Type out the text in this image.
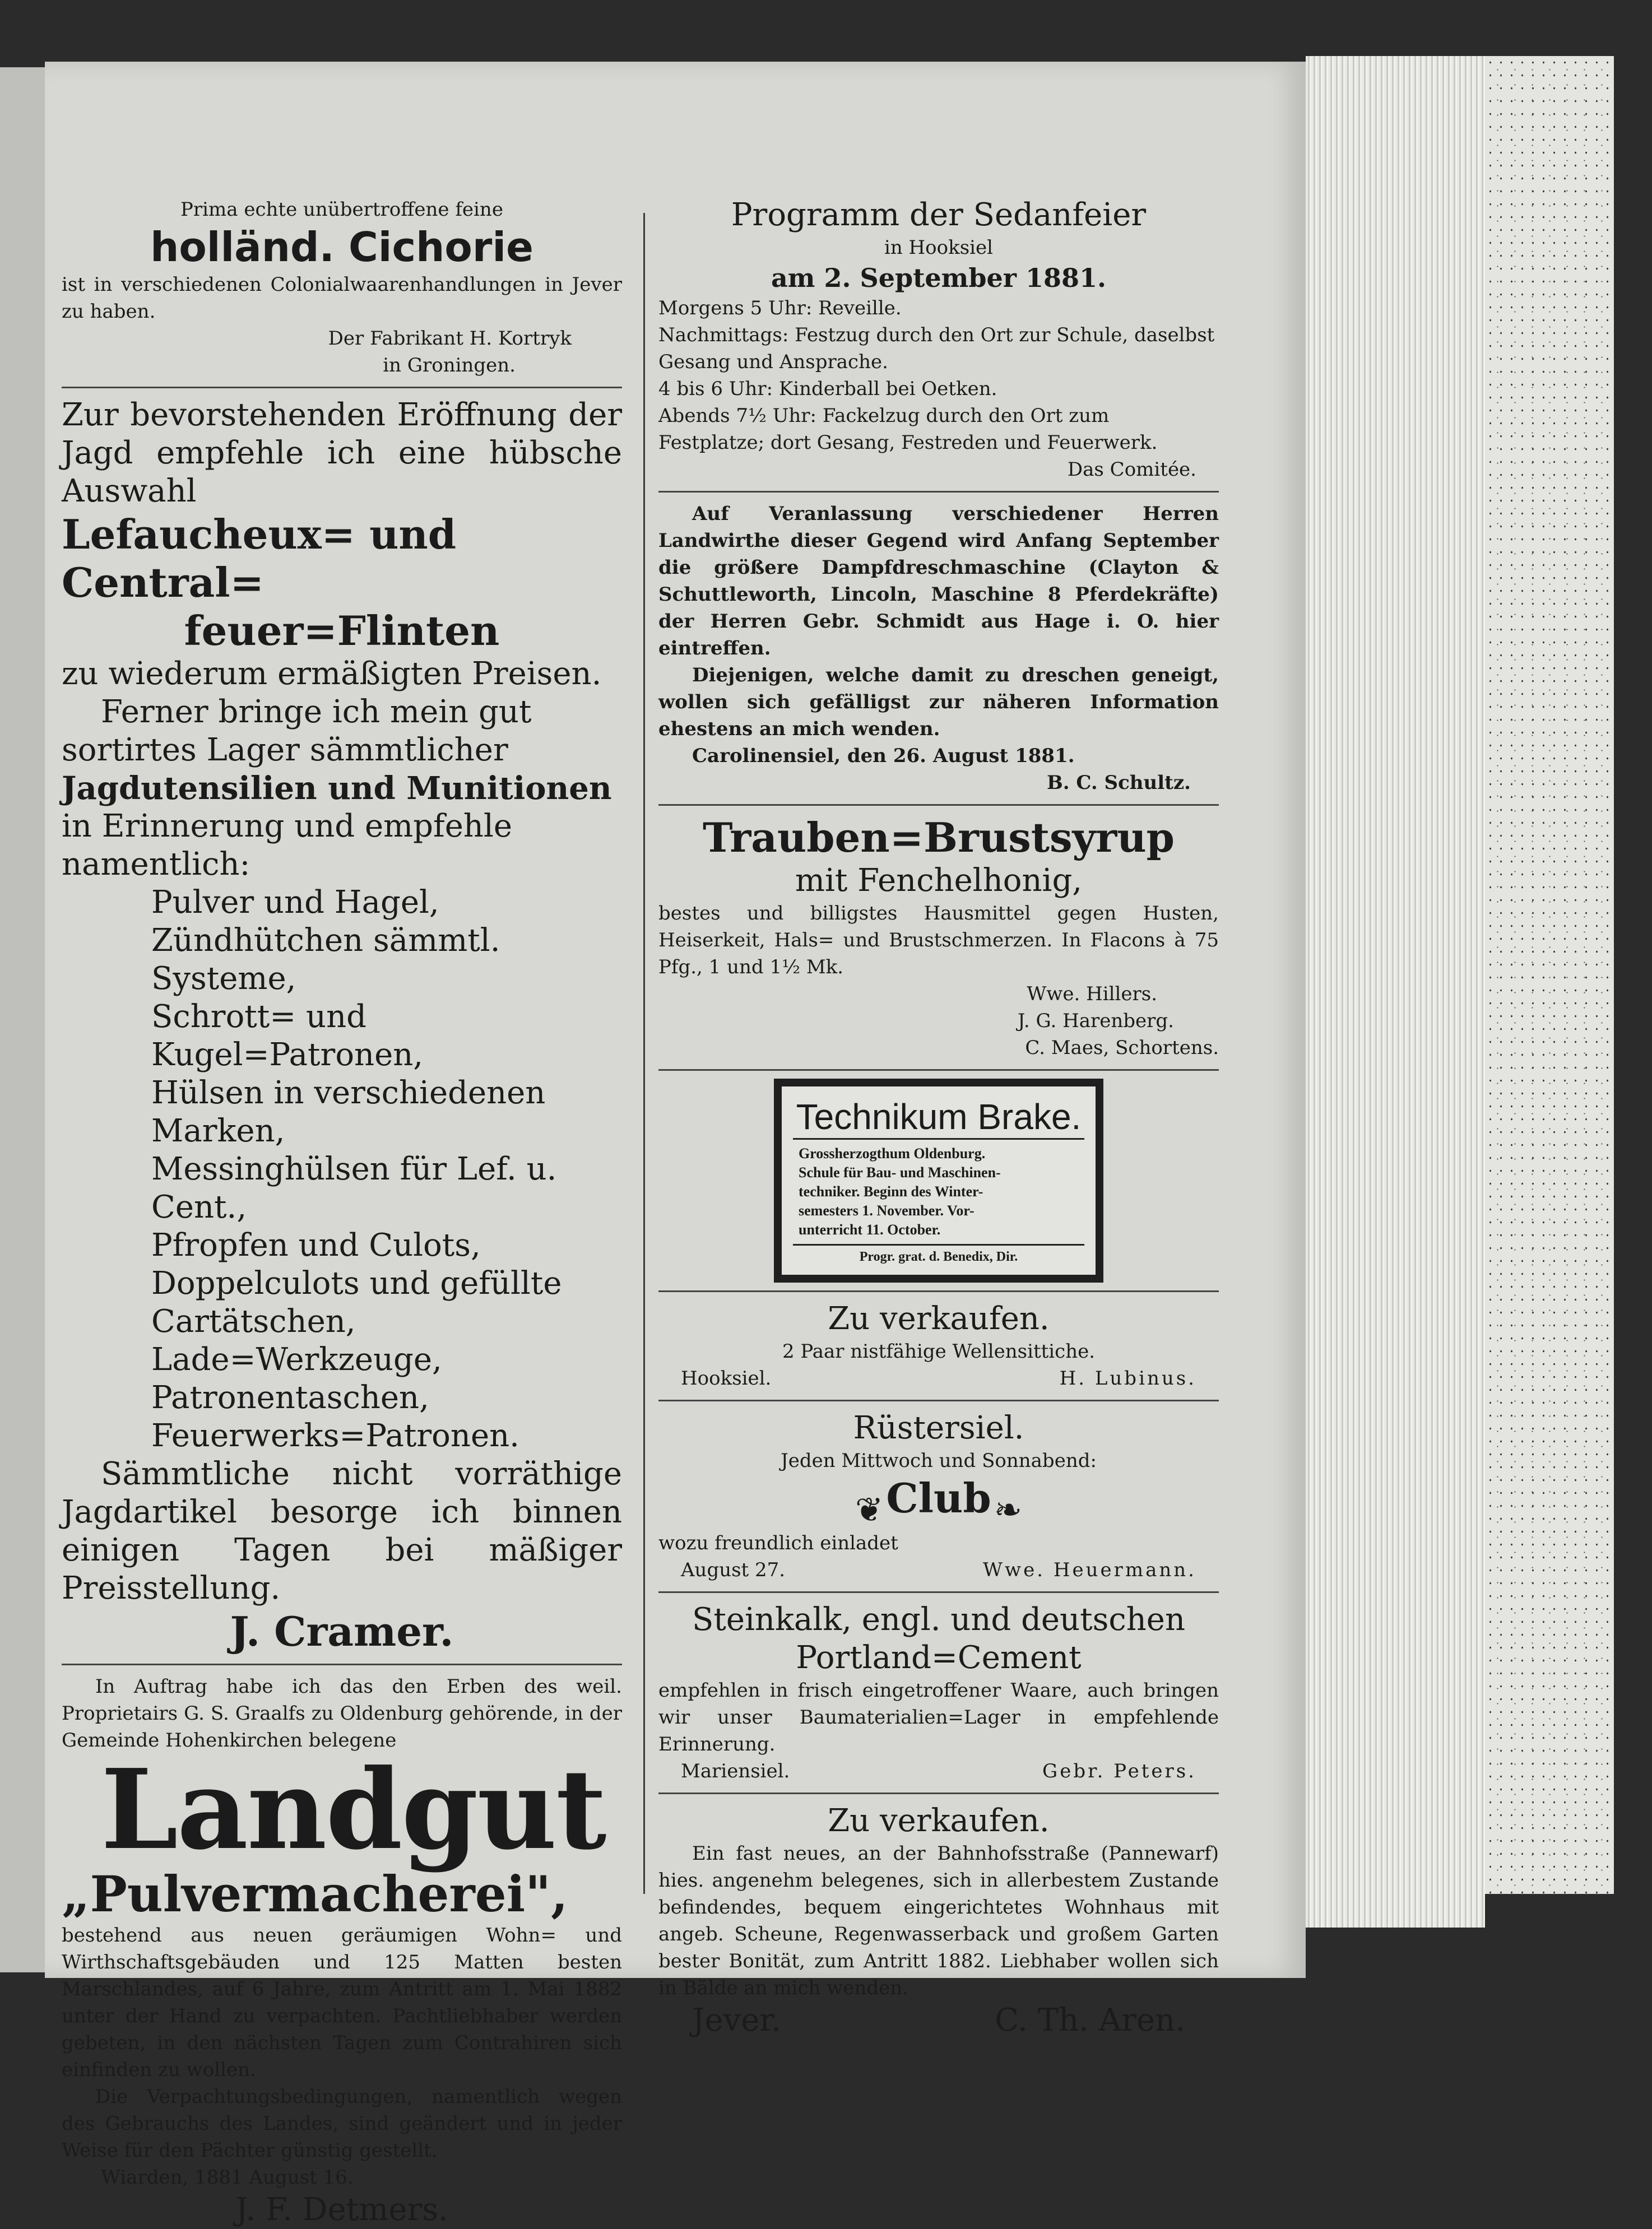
Prima echte unübertroffene feine

holländ. Cichorie

ist in verschiedenen Colonialwaarenhandlungen in Jever zu haben.

Der Fabrikant H. Kortryk

in Groningen.

Zur bevorstehenden Eröffnung der Jagd empfehle ich eine hübsche Auswahl

Lefaucheux= und Central=

feuer=Flinten

zu wiederum ermäßigten Preisen.

Ferner bringe ich mein gut sortirtes Lager sämmtlicher

Jagdutensilien und Munitionen

in Erinnerung und empfehle namentlich:

Pulver und Hagel,

Zündhütchen sämmtl. Systeme,

Schrott= und Kugel=Patronen,

Hülsen in verschiedenen Marken,

Messinghülsen für Lef. u. Cent.,

Pfropfen und Culots,

Doppelculots und gefüllte Cartätschen,

Lade=Werkzeuge,

Patronentaschen,

Feuerwerks=Patronen.

Sämmtliche nicht vorräthige Jagdartikel besorge ich binnen einigen Tagen bei mäßiger Preisstellung.

J. Cramer.

In Auftrag habe ich das den Erben des weil. Proprietairs G. S. Graalfs zu Oldenburg gehörende, in der Gemeinde Hohenkirchen belegene

Landgut

„Pulvermacherei",

bestehend aus neuen geräumigen Wohn= und Wirthschaftsgebäuden und 125 Matten besten Marschlandes, auf 6 Jahre, zum Antritt am 1. Mai 1882 unter der Hand zu verpachten. Pachtliebhaber werden gebeten, in den nächsten Tagen zum Contrahiren sich einfinden zu wollen.

Die Verpachtungsbedingungen, namentlich wegen des Gebrauchs des Landes, sind geändert und in jeder Weise für den Pächter günstig gestellt.

Wiarden, 1881 August 16.

J. F. Detmers.

Programm der Sedanfeier

in Hooksiel

am 2. September 1881.

Morgens 5 Uhr: Reveille.

Nachmittags: Festzug durch den Ort zur Schule, daselbst Gesang und Ansprache.

4 bis 6 Uhr: Kinderball bei Oetken.

Abends 7½ Uhr: Fackelzug durch den Ort zum Festplatze; dort Gesang, Festreden und Feuerwerk.

Das Comitée.

Auf Veranlassung verschiedener Herren Landwirthe dieser Gegend wird Anfang September die größere Dampfdreschmaschine (Clayton & Schuttleworth, Lincoln, Maschine 8 Pferdekräfte) der Herren Gebr. Schmidt aus Hage i. O. hier eintreffen.

Diejenigen, welche damit zu dreschen geneigt, wollen sich gefälligst zur näheren Information ehestens an mich wenden.

Carolinensiel, den 26. August 1881.

B. C. Schultz.

Trauben=Brustsyrup

mit Fenchelhonig,

bestes und billigstes Hausmittel gegen Husten, Heiserkeit, Hals= und Brustschmerzen. In Flacons à 75 Pfg., 1 und 1½ Mk.

Wwe. Hillers.

J. G. Harenberg.

C. Maes, Schortens.

Technikum Brake.
Grossherzogthum Oldenburg.
Schule für Bau- und Maschinen-
techniker. Beginn des Winter-
semesters 1. November. Vor-
unterricht 11. October.
Progr. grat. d. Benedix, Dir.

Zu verkaufen.

2 Paar nistfähige Wellensittiche.

Hooksiel.	H. Lubinus.

Rüstersiel.

Jeden Mittwoch und Sonnabend:

❦ Club ❧

wozu freundlich einladet

August 27.	Wwe. Heuermann.

Steinkalk, engl. und deutschen

Portland=Cement

empfehlen in frisch eingetroffener Waare, auch bringen wir unser Baumaterialien=Lager in empfehlende Erinnerung.

Mariensiel.	Gebr. Peters.

Zu verkaufen.

Ein fast neues, an der Bahnhofsstraße (Pannewarf) hies. angenehm belegenes, sich in allerbestem Zustande befindendes, bequem eingerichtetes Wohnhaus mit angeb. Scheune, Regenwasserback und großem Garten bester Bonität, zum Antritt 1882. Liebhaber wollen sich in Bälde an mich wenden.

Jever.	C. Th. Aren.
